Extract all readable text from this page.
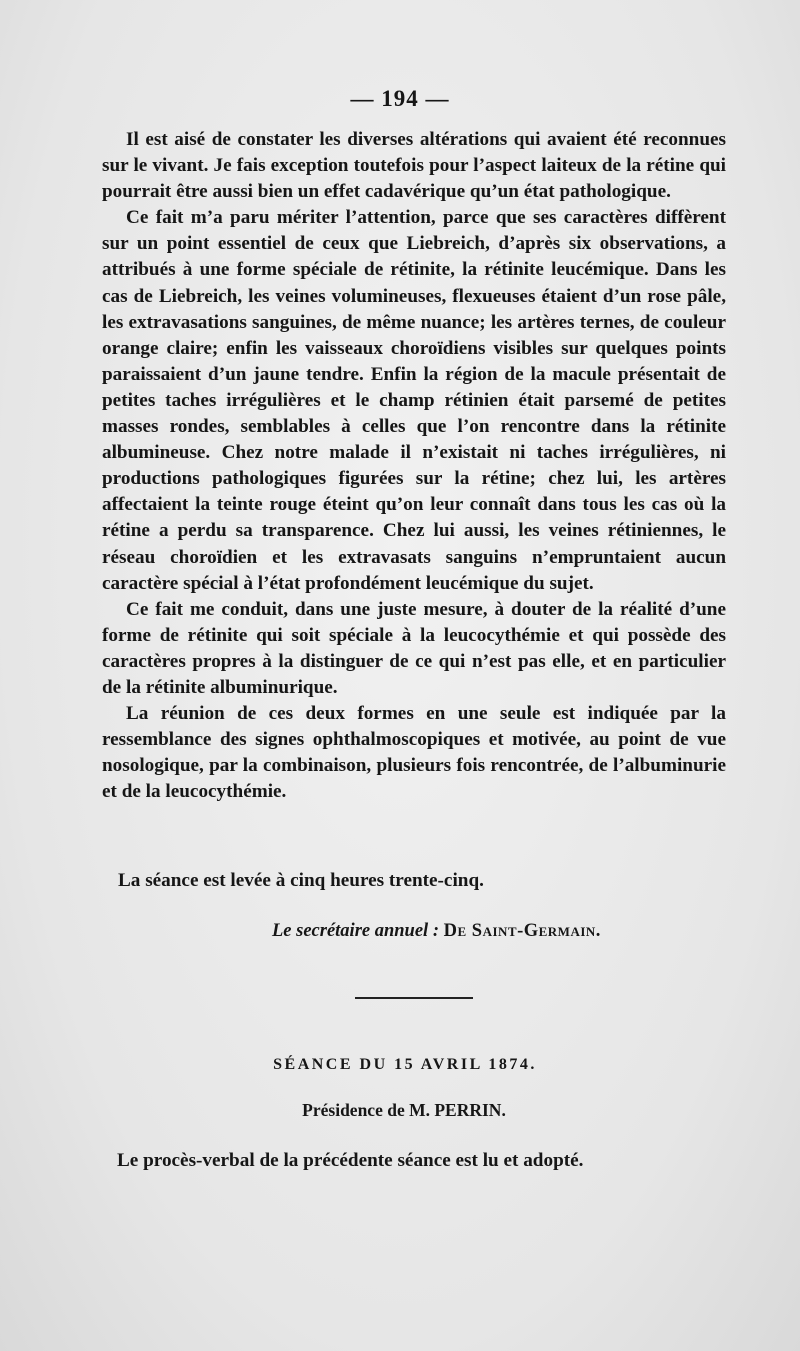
— 194 —

Il est aisé de constater les diverses altérations qui avaient été reconnues sur le vivant. Je fais exception toutefois pour l’aspect laiteux de la rétine qui pourrait être aussi bien un effet cadavérique qu’un état pathologique.

Ce fait m’a paru mériter l’attention, parce que ses caractères diffèrent sur un point essentiel de ceux que Liebreich, d’après six observations, a attribués à une forme spéciale de rétinite, la rétinite leucémique. Dans les cas de Liebreich, les veines volumineuses, flexueuses étaient d’un rose pâle, les extravasations sanguines, de même nuance; les artères ternes, de couleur orange claire; enfin les vaisseaux choroïdiens visibles sur quelques points paraissaient d’un jaune tendre. Enfin la région de la macule présentait de petites taches irrégulières et le champ rétinien était parsemé de petites masses rondes, semblables à celles que l’on rencontre dans la rétinite albumineuse. Chez notre malade il n’existait ni taches irrégulières, ni productions pathologiques figurées sur la rétine; chez lui, les artères affectaient la teinte rouge éteint qu’on leur connaît dans tous les cas où la rétine a perdu sa transparence. Chez lui aussi, les veines rétiniennes, le réseau choroïdien et les extravasats sanguins n’empruntaient aucun caractère spécial à l’état profondément leucémique du sujet.

Ce fait me conduit, dans une juste mesure, à douter de la réalité d’une forme de rétinite qui soit spéciale à la leucocythémie et qui possède des caractères propres à la distinguer de ce qui n’est pas elle, et en particulier de la rétinite albuminurique.

La réunion de ces deux formes en une seule est indiquée par la ressemblance des signes ophthalmoscopiques et motivée, au point de vue nosologique, par la combinaison, plusieurs fois rencontrée, de l’albuminurie et de la leucocythémie.

La séance est levée à cinq heures trente-cinq.
Le secrétaire annuel : De Saint-Germain.
SÉANCE DU 15 AVRIL 1874.
Présidence de M. PERRIN.
Le procès-verbal de la précédente séance est lu et adopté.
